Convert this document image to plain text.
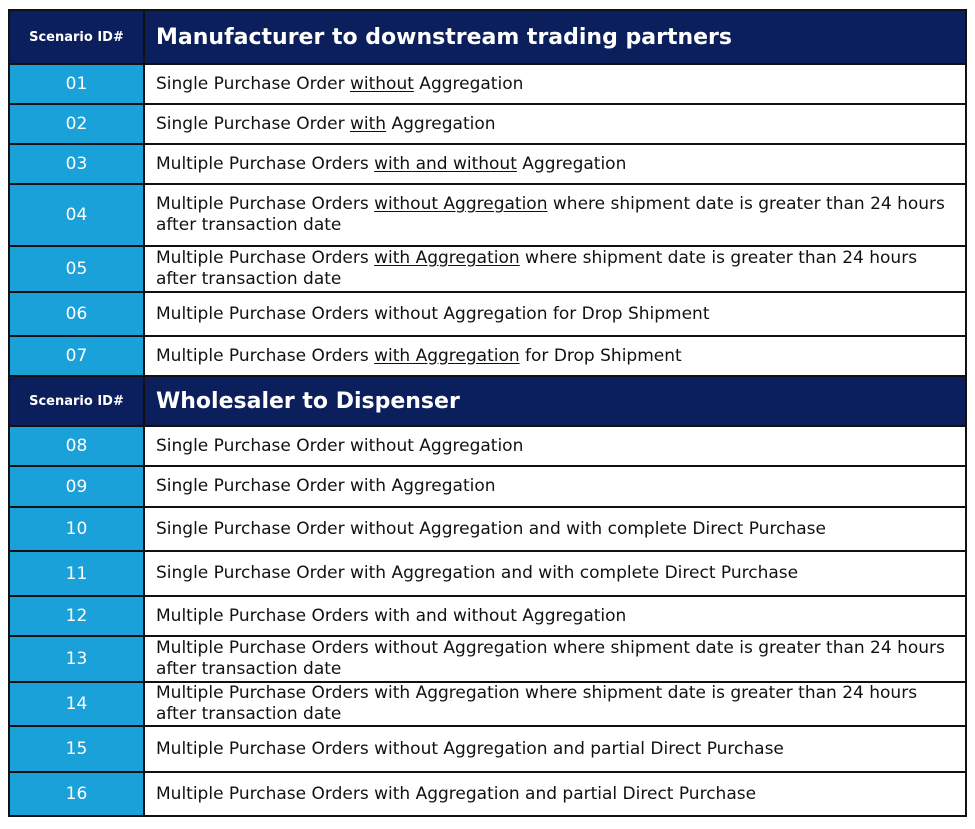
Scenario ID#	Manufacturer to downstream trading partners
01	Single Purchase Order without Aggregation
02	Single Purchase Order with Aggregation
03	Multiple Purchase Orders with and without Aggregation
04	Multiple Purchase Orders without Aggregation where shipment date is greater than 24 hours after transaction date
05	Multiple Purchase Orders with Aggregation where shipment date is greater than 24 hours after transaction date
06	Multiple Purchase Orders without Aggregation for Drop Shipment
07	Multiple Purchase Orders with Aggregation for Drop Shipment
Scenario ID#	Wholesaler to Dispenser
08	Single Purchase Order without Aggregation
09	Single Purchase Order with Aggregation
10	Single Purchase Order without Aggregation and with complete Direct Purchase
11	Single Purchase Order with Aggregation and with complete Direct Purchase
12	Multiple Purchase Orders with and without Aggregation
13	Multiple Purchase Orders without Aggregation where shipment date is greater than 24 hours after transaction date
14	Multiple Purchase Orders with Aggregation where shipment date is greater than 24 hours after transaction date
15	Multiple Purchase Orders without Aggregation and partial Direct Purchase
16	Multiple Purchase Orders with Aggregation and partial Direct Purchase
